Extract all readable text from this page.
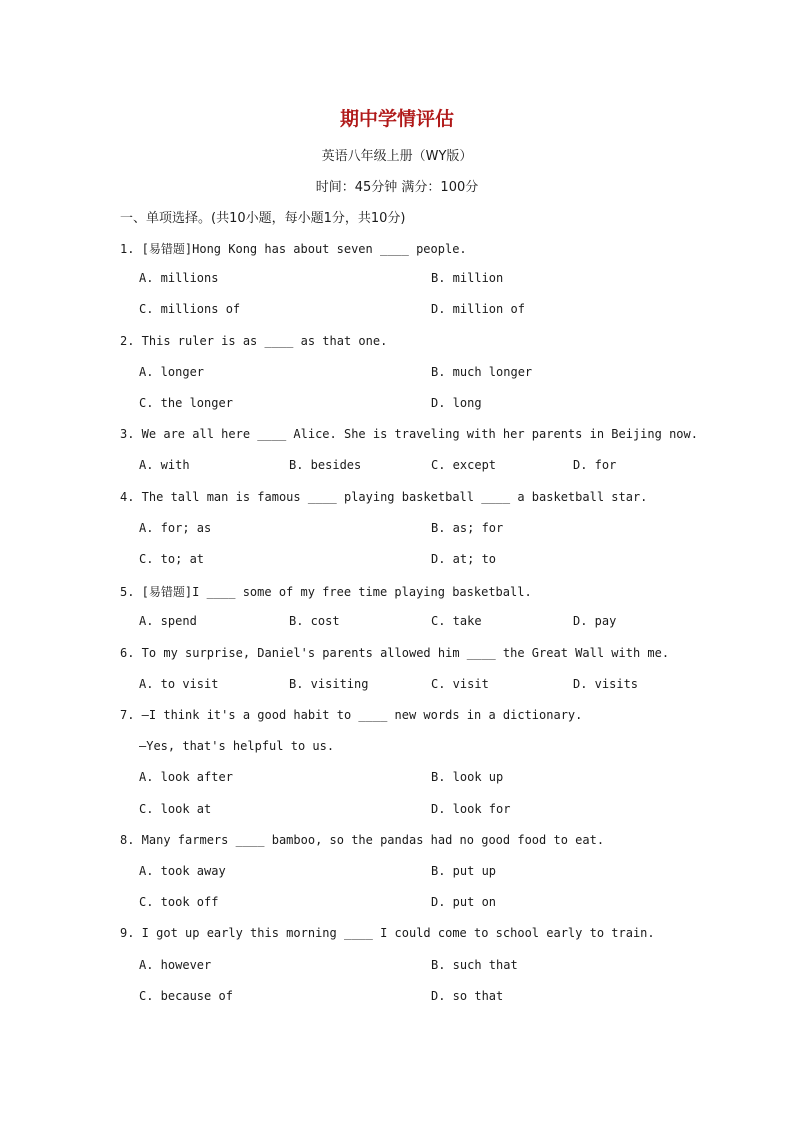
期中学情评估
英语八年级上册（WY版）
时间：45分钟 满分：100分
一、单项选择。(共10小题，每小题1分，共10分)
1. [易错题]Hong Kong has about seven ____ people.
A. millions	B. million
C. millions of	D. million of
2. This ruler is as ____ as that one.
A. longer	B. much longer
C. the longer	D. long
3. We are all here ____ Alice. She is traveling with her parents in Beijing now.
A. with	B. besides	C. except	D. for
4. The tall man is famous ____ playing basketball ____ a basketball star.
A. for; as	B. as; for
C. to; at	D. at; to
5. [易错题]I ____ some of my free time playing basketball.
A. spend	B. cost	C. take	D. pay
6. To my surprise, Daniel's parents allowed him ____ the Great Wall with me.
A. to visit	B. visiting	C. visit	D. visits
7. —I think it's a good habit to ____ new words in a dictionary.
—Yes, that's helpful to us.
A. look after	B. look up
C. look at	D. look for
8. Many farmers ____ bamboo, so the pandas had no good food to eat.
A. took away	B. put up
C. took off	D. put on
9. I got up early this morning ____ I could come to school early to train.
A. however	B. such that
C. because of	D. so that
